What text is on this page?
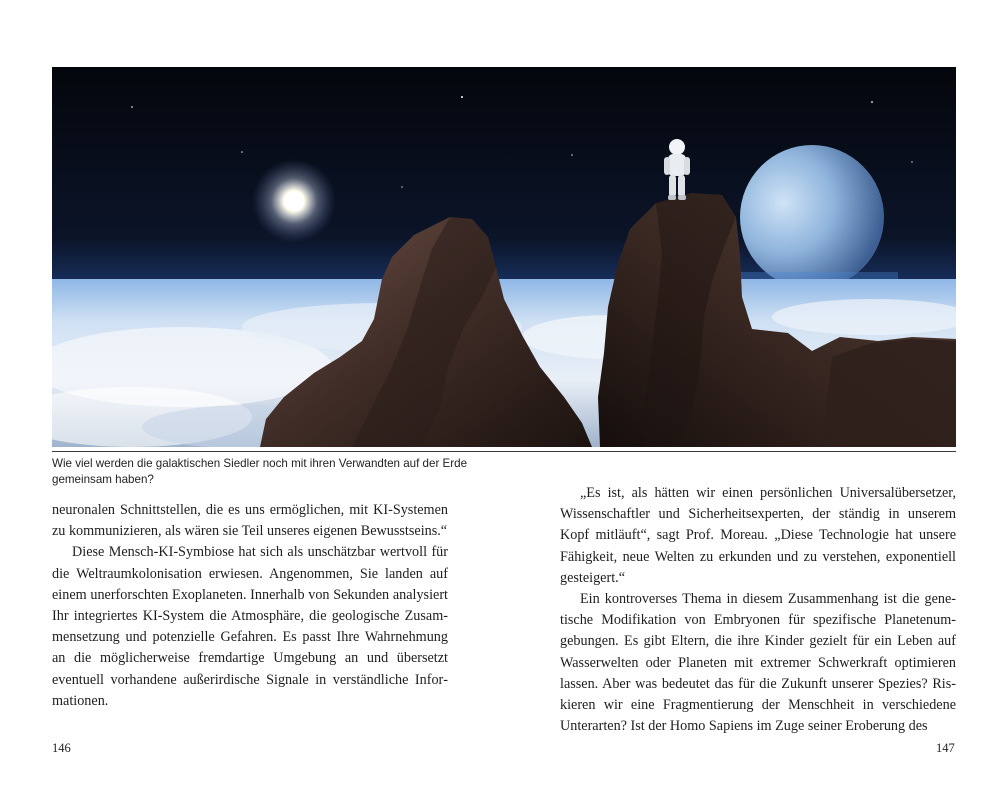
Wie viel werden die galaktischen Siedler noch mit ihren Verwandten auf der Erde gemeinsam haben?

neuronalen Schnittstellen, die es uns ermöglichen, mit KI-Systemen zu kommunizieren, als wären sie Teil unseres eigenen Bewusstseins.“

Diese Mensch-KI-Symbiose hat sich als unschätzbar wertvoll für die Weltraumkolonisation erwiesen. Angenommen, Sie landen auf einem unerforschten Exoplaneten. Innerhalb von Sekunden analysiert Ihr integriertes KI-System die Atmosphäre, die geologische Zusammensetzung und potenzielle Gefahren. Es passt Ihre Wahrnehmung an die möglicherweise fremdartige Umgebung an und übersetzt eventuell vorhandene außerirdische Signale in verständliche Informationen.

„Es ist, als hätten wir einen persönlichen Universalübersetzer, Wissenschaftler und Sicherheitsexperten, der ständig in unserem Kopf mitläuft“, sagt Prof. Moreau. „Diese Technologie hat unsere Fähigkeit, neue Welten zu erkunden und zu verstehen, exponentiell gesteigert.“

Ein kontroverses Thema in diesem Zusammenhang ist die genetische Modifikation von Embryonen für spezifische Planetenumgebungen. Es gibt Eltern, die ihre Kinder gezielt für ein Leben auf Wasserwelten oder Planeten mit extremer Schwerkraft optimieren lassen. Aber was bedeutet das für die Zukunft unserer Spezies? Riskieren wir eine Fragmentierung der Menschheit in verschiedene Unterarten? Ist der Homo Sapiens im Zuge seiner Eroberung des

146	147
